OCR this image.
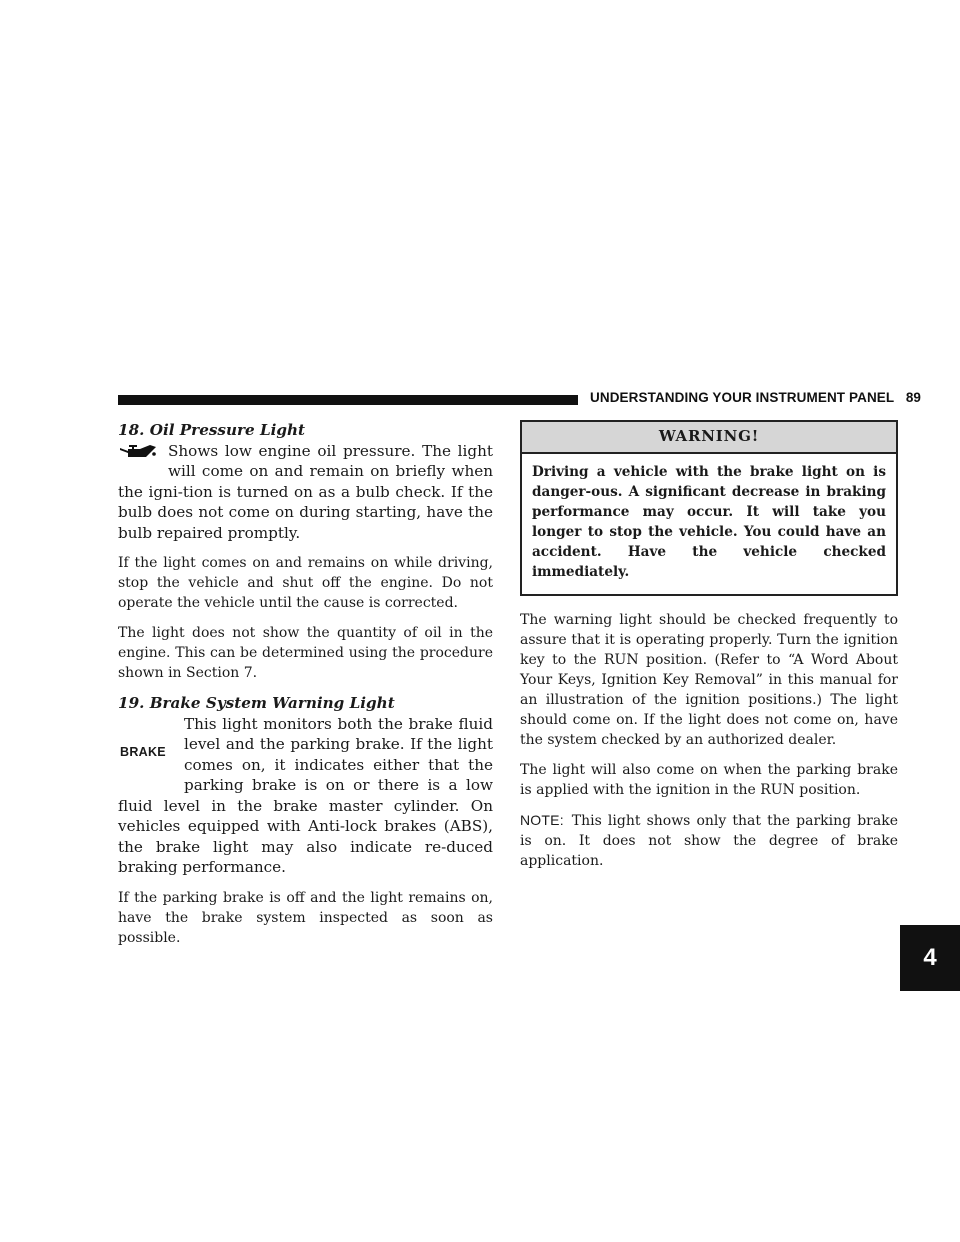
UNDERSTANDING YOUR INSTRUMENT PANEL 89
4

18. Oil Pressure Light

Shows low engine oil pressure. The light will come on and remain on briefly when the igni-tion is turned on as a bulb check. If the bulb does not come on during starting, have the bulb repaired promptly.

If the light comes on and remains on while driving, stop the vehicle and shut off the engine. Do not operate the vehicle until the cause is corrected.

The light does not show the quantity of oil in the engine. This can be determined using the procedure shown in Section 7.

19. Brake System Warning Light

BRAKE
This light monitors both the brake fluid level and the parking brake. If the light comes on, it indicates either that the parking brake is on or there is a low fluid level in the brake master cylinder. On vehicles equipped with Anti-lock brakes (ABS), the brake light may also indicate re-duced braking performance.

If the parking brake is off and the light remains on, have the brake system inspected as soon as possible.

WARNING!
Driving a vehicle with the brake light on is danger-ous. A significant decrease in braking performance may occur. It will take you longer to stop the vehicle. You could have an accident. Have the vehicle checked immediately.

The warning light should be checked frequently to assure that it is operating properly. Turn the ignition key to the RUN position. (Refer to “A Word About Your Keys, Ignition Key Removal” in this manual for an illustration of the ignition positions.) The light should come on. If the light does not come on, have the system checked by an authorized dealer.

The light will also come on when the parking brake is applied with the ignition in the RUN position.

NOTE: This light shows only that the parking brake is on. It does not show the degree of brake application.
